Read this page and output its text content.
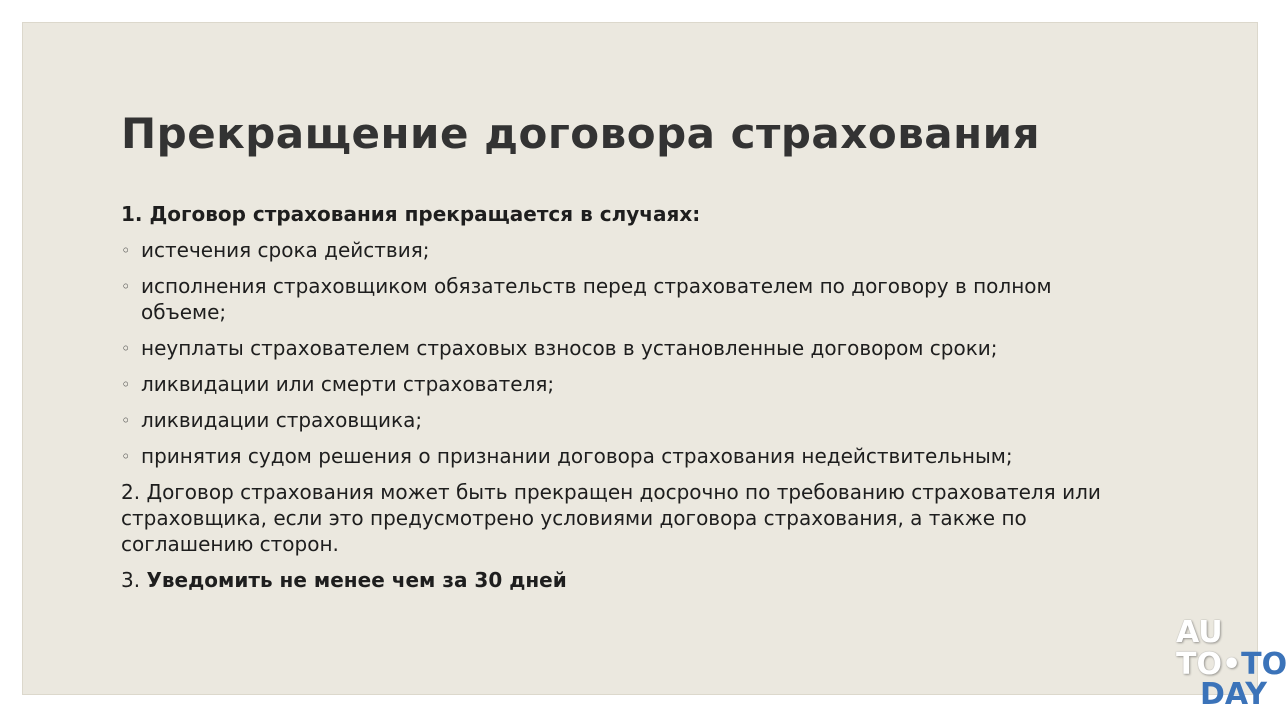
Прекращение договора страхования

1. Договор страхования прекращается в случаях:

◦ истечения срока действия;
◦ исполнения страховщиком обязательств перед страхователем по договору в полном объеме;
◦ неуплаты страхователем страховых взносов в установленные договором сроки;
◦ ликвидации или смерти страхователя;
◦ ликвидации страховщика;
◦ принятия судом решения о признании договора страхования недействительным;

2. Договор страхования может быть прекращен досрочно по требованию страхователя или страховщика, если это предусмотрено условиями договора страхования, а также по соглашению сторон.

3. Уведомить не менее чем за 30 дней

AU
TO•TO
DAY
